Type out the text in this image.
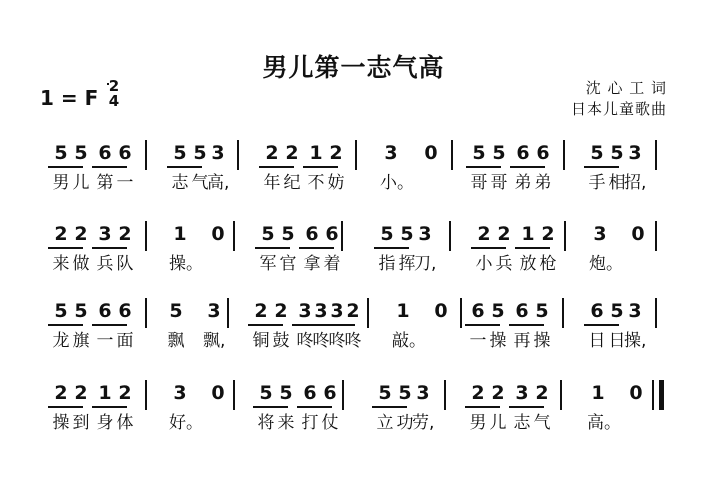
男儿第一志气高
1 = F 2
4
沈 心 工 词
日本儿童歌曲
5 5 6 6 5 5 3 2 2 1 2 3 0 5 5 6 6 5 5 3
男 儿 第 一 志 气
高, 年 纪 不 妨 小。	哥 哥 弟 弟 手 相
招,
2 2 3 2 1 0 5 5 6 6 5 5 3 2 2 1 2 3 0
来 做 兵 队 操。	军 官 拿 着 指 挥
刀, 小 兵 放 枪 炮。
5 5 6 6 5 3 2 2 3 3 3 2 1 0 6 5 6 5 6 5 3
龙 旗 一 面 飘 飘, 铜 鼓 咚 咚 咚 咚 敲。	一 操 再 操 日 日
操,
2 2 1 2 3 0 5 5 6 6 5 5 3 2 2 3 2 1 0
操 到 身 体 好。	将 来 打 仗 立 功
劳, 男 儿 志 气 高。
